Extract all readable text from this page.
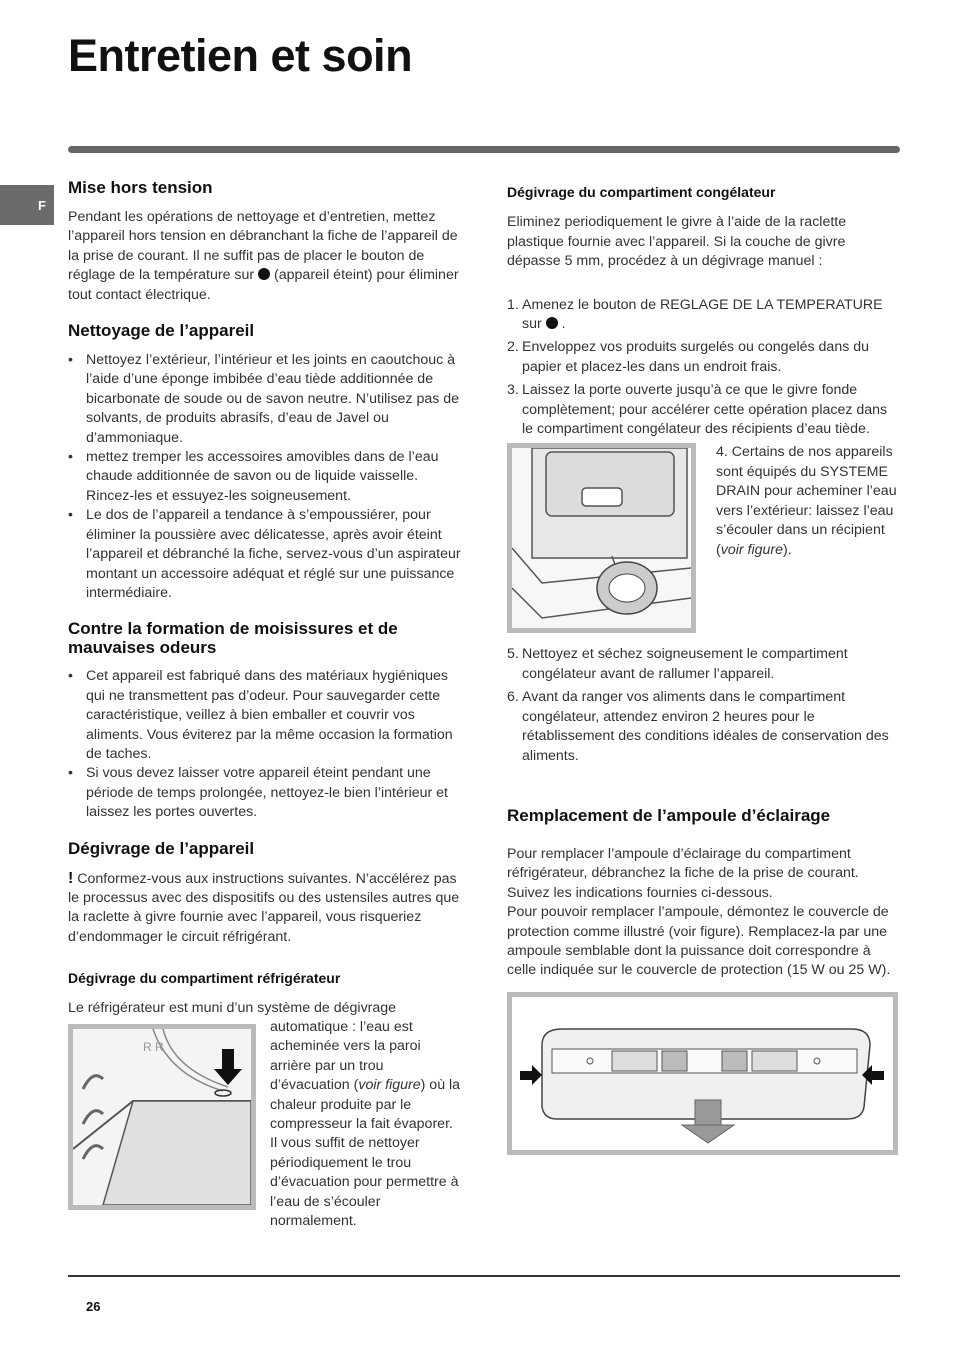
Entretien et soin
F
Mise hors tension

Pendant les opérations de nettoyage et d’entretien, mettez l’appareil hors tension en débranchant la fiche de l’appareil de la prise de courant. Il ne suffit pas de placer le bouton de réglage de la température sur (appareil éteint) pour éliminer tout contact électrique.

Nettoyage de l’appareil
• Nettoyez l’extérieur, l’intérieur et les joints en caoutchouc à l’aide d’une éponge imbibée d’eau tiède additionnée de bicarbonate de soude ou de savon neutre. N’utilisez pas de solvants, de produits abrasifs, d’eau de Javel ou d’ammoniaque.
• mettez tremper les accessoires amovibles dans de l’eau chaude additionnée de savon ou de liquide vaisselle. Rincez-les et essuyez-les soigneusement.
• Le dos de l’appareil a tendance à s’empoussiérer, pour éliminer la poussière avec délicatesse, après avoir éteint l’appareil et débranché la fiche, servez-vous d’un aspirateur montant un accessoire adéquat et réglé sur une puissance intermédiaire.
Contre la formation de moisissures et de mauvaises odeurs
• Cet appareil est fabriqué dans des matériaux hygiéniques qui ne transmettent pas d’odeur. Pour sauvegarder cette caractéristique, veillez à bien emballer et couvrir vos aliments. Vous éviterez par la même occasion la formation de taches.
• Si vous devez laisser votre appareil éteint pendant une période de temps prolongée, nettoyez-le bien l’intérieur et laissez les portes ouvertes.
Dégivrage de l’appareil

! Conformez-vous aux instructions suivantes. N’accélérez pas le processus avec des dispositifs ou des ustensiles autres que la raclette à givre fournie avec l’appareil, vous risqueriez d’endommager le circuit réfrigérant.

Dégivrage du compartiment réfrigérateur

Le réfrigérateur est muni d’un système de dégivrage

R R

automatique : l’eau est acheminée vers la paroi arrière par un trou d’évacuation (voir figure) où la chaleur produite par le compresseur la fait évaporer. Il vous suffit de nettoyer périodiquement le trou d’évacuation pour permettre à l’eau de s’écouler normalement.

Dégivrage du compartiment congélateur

Eliminez periodiquement le givre à l’aide de la raclette plastique fournie avec l’appareil. Si la couche de givre dépasse 5 mm, procédez à un dégivrage manuel :

1. Amenez le bouton de REGLAGE DE LA TEMPERATURE sur  .
2. Enveloppez vos produits surgelés ou congelés dans du papier et placez-les dans un endroit frais.
3. Laissez la porte ouverte jusqu’à ce que le givre fonde complètement; pour accélérer cette opération placez dans le compartiment congélateur des récipients d’eau tiède.

4. Certains de nos appareils sont équipés du SYSTEME DRAIN pour acheminer l’eau vers l’extérieur: laissez l’eau s’écouler dans un récipient (voir figure).

5. Nettoyez et séchez soigneusement le compartiment congélateur avant de rallumer l’appareil.
6. Avant da ranger vos aliments dans le compartiment congélateur, attendez environ 2 heures pour le rétablissement des conditions idéales de conservation des aliments.
Remplacement de l’ampoule d’éclairage

Pour remplacer l’ampoule d’éclairage du compartiment réfrigérateur, débranchez la fiche de la prise de courant. Suivez les indications fournies ci-dessous.
Pour pouvoir remplacer l’ampoule, démontez le couvercle de protection comme illustré (voir figure). Remplacez-la par une ampoule semblable dont la puissance doit correspondre à celle indiquée sur le couvercle de protection (15 W ou 25 W).

26
